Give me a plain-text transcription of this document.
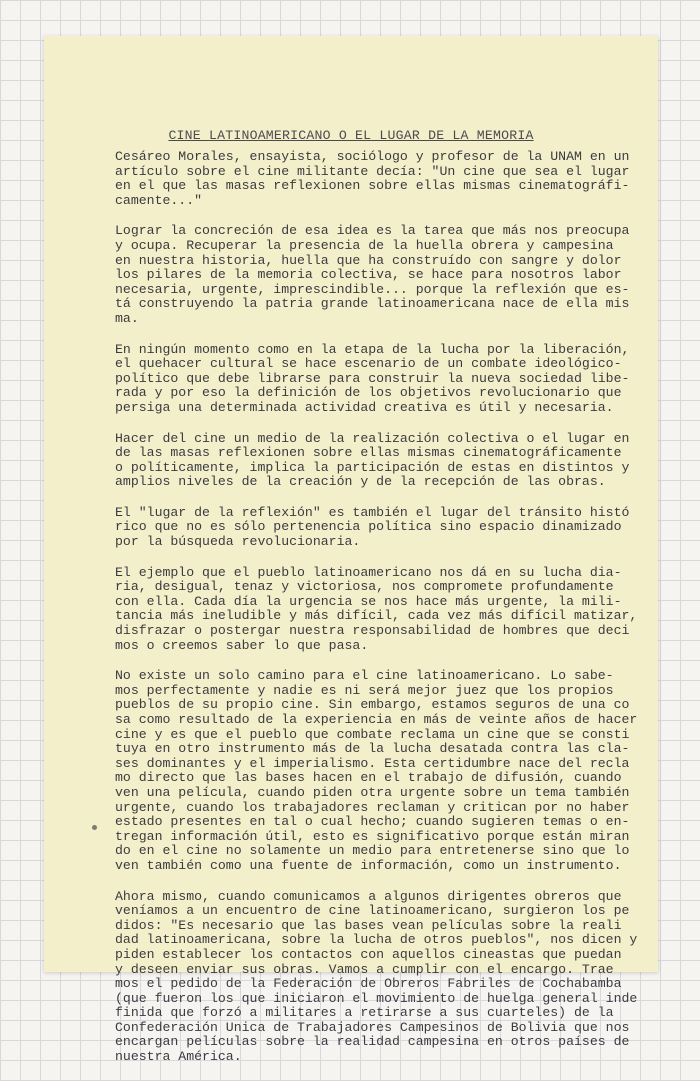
CINE LATINOAMERICANO O EL LUGAR DE LA MEMORIA
Cesáreo Morales, ensayista, sociólogo y profesor de la UNAM en un
artículo sobre el cine militante decía: "Un cine que sea el lugar
en el que las masas reflexionen sobre ellas mismas cinematográfi-
camente..."
Lograr la concreción de esa idea es la tarea que más nos preocupa
y ocupa. Recuperar la presencia de la huella obrera y campesina
en nuestra historia, huella que ha construído con sangre y dolor
los pilares de la memoria colectiva, se hace para nosotros labor
necesaria, urgente, imprescindible... porque la reflexión que es-
tá construyendo la patria grande latinoamericana nace de ella mis
ma.
En ningún momento como en la etapa de la lucha por la liberación,
el quehacer cultural se hace escenario de un combate ideológico-
político que debe librarse para construir la nueva sociedad libe-
rada y por eso la definición de los objetivos revolucionario que
persiga una determinada actividad creativa es útil y necesaria.
Hacer del cine un medio de la realización colectiva o el lugar en
de las masas reflexionen sobre ellas mismas cinematográficamente
o políticamente, implica la participación de estas en distintos y
amplios niveles de la creación y de la recepción de las obras.
El "lugar de la reflexión" es también el lugar del tránsito histó
rico que no es sólo pertenencia política sino espacio dinamizado
por la búsqueda revolucionaria.
El ejemplo que el pueblo latinoamericano nos dá en su lucha dia-
ria, desigual, tenaz y victoriosa, nos compromete profundamente
con ella. Cada día la urgencia se nos hace más urgente, la mili-
tancia más ineludible y más difícil, cada vez más difícil matizar,
disfrazar o postergar nuestra responsabilidad de hombres que deci
mos o creemos saber lo que pasa.
No existe un solo camino para el cine latinoamericano. Lo sabe-
mos perfectamente y nadie es ni será mejor juez que los propios
pueblos de su propio cine. Sin embargo, estamos seguros de una co
sa como resultado de la experiencia en más de veinte años de hacer
cine y es que el pueblo que combate reclama un cine que se consti
tuya en otro instrumento más de la lucha desatada contra las cla-
ses dominantes y el imperialismo. Esta certidumbre nace del recla
mo directo que las bases hacen en el trabajo de difusión, cuando
ven una película, cuando piden otra urgente sobre un tema también
urgente, cuando los trabajadores reclaman y critican por no haber
estado presentes en tal o cual hecho; cuando sugieren temas o en-
tregan información útil, esto es significativo porque están miran
do en el cine no solamente un medio para entretenerse sino que lo
ven también como una fuente de información, como un instrumento.
Ahora mismo, cuando comunicamos a algunos dirigentes obreros que
veníamos a un encuentro de cine latinoamericano, surgieron los pe
didos: "Es necesario que las bases vean películas sobre la reali
dad latinoamericana, sobre la lucha de otros pueblos", nos dicen y
piden establecer los contactos con aquellos cineastas que puedan
y deseen enviar sus obras. Vamos a cumplir con el encargo. Trae
mos el pedido de la Federación de Obreros Fabriles de Cochabamba
(que fueron los que iniciaron el movimiento de huelga general inde
finida que forzó a militares a retirarse a sus cuarteles) de la
Confederación Unica de Trabajadores Campesinos de Bolivia que nos
encargan películas sobre la realidad campesina en otros países de
nuestra América.
